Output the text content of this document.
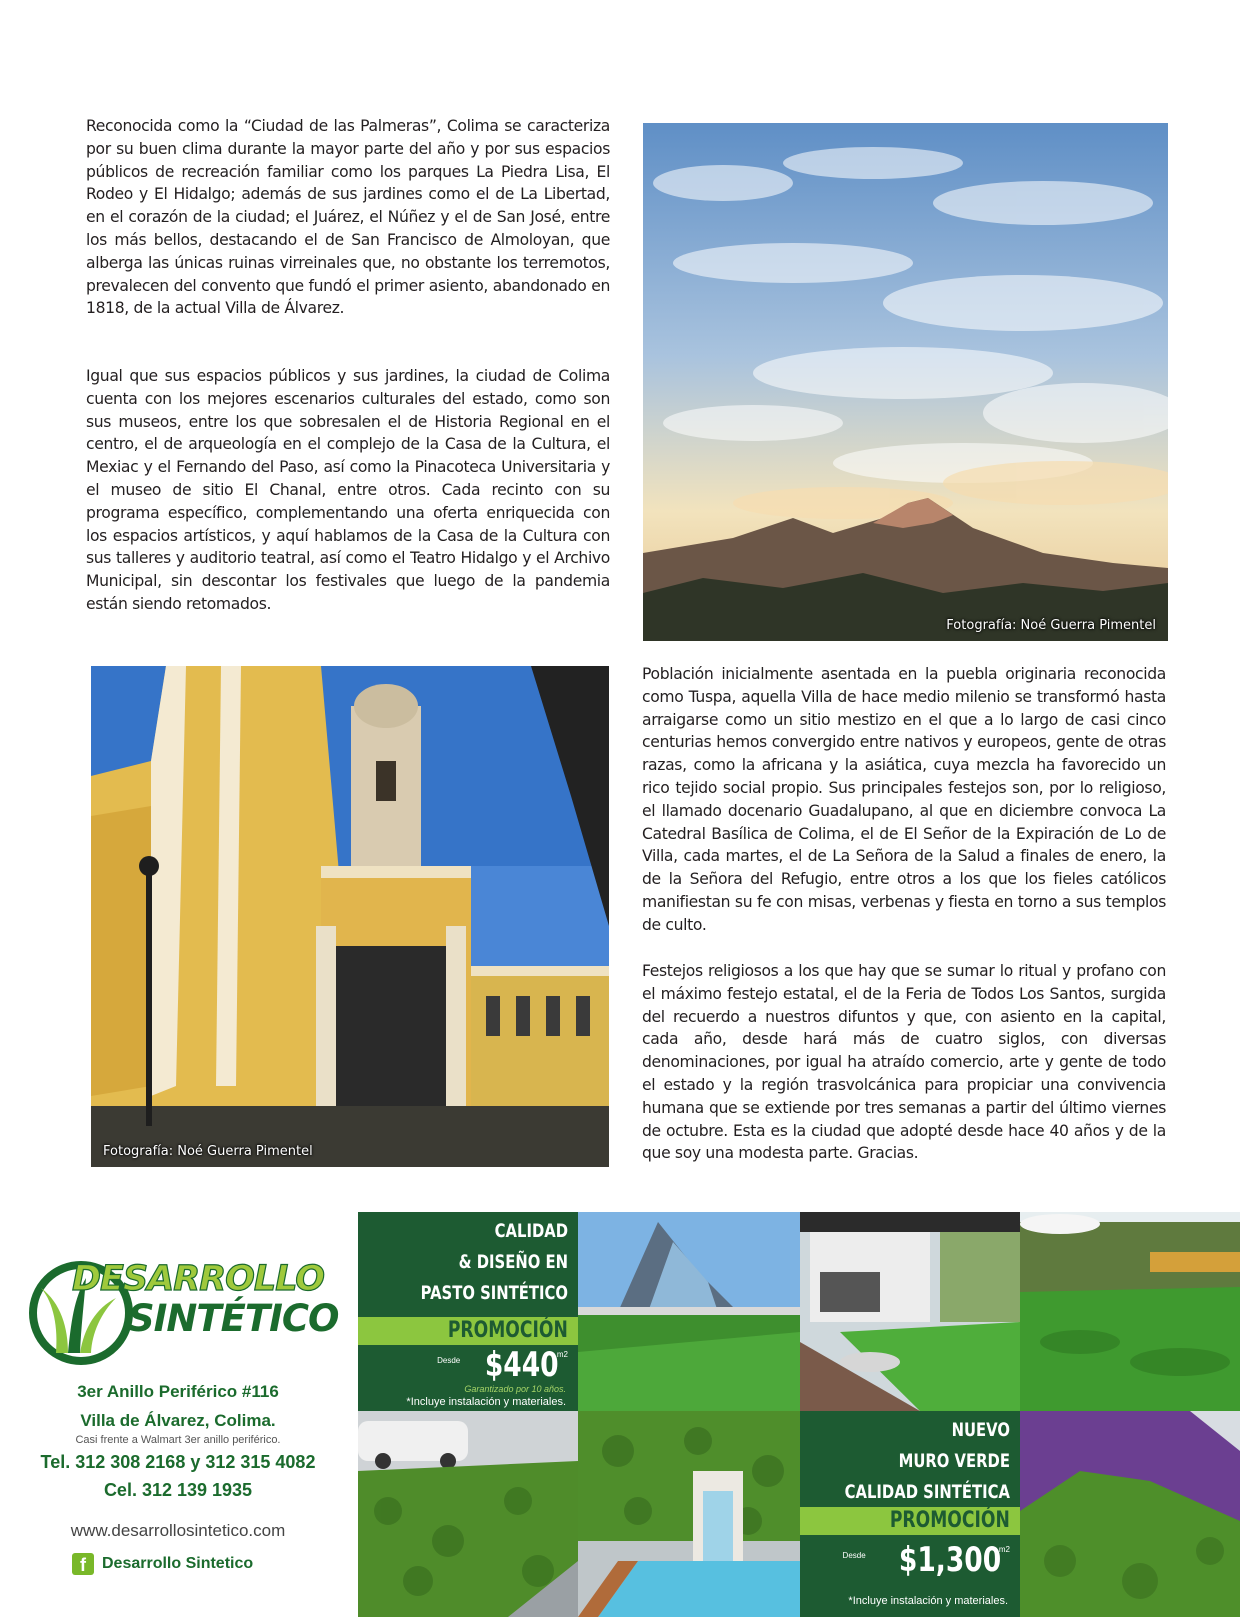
Reconocida como la “Ciudad de las Palmeras”, Colima se caracteriza por su buen clima durante la mayor parte del año y por sus espacios públicos de recreación familiar como los parques La Piedra Lisa, El Rodeo y El Hidalgo; además de sus jardines como el de La Libertad, en el corazón de la ciudad; el Juárez, el Núñez y el de San José, entre los más bellos, destacando el de San Francisco de Almoloyan, que alberga las únicas ruinas virreinales que, no obstante los terremotos, prevalecen del convento que fundó el primer asiento, abandonado en 1818, de la actual Villa de Álvarez.

Igual que sus espacios públicos y sus jardines, la ciudad de Colima cuenta con los mejores escenarios culturales del estado, como son sus museos, entre los que sobresalen el de Historia Regional en el centro, el de arqueología en el complejo de la Casa de la Cultura, el Mexiac y el Fernando del Paso, así como la Pinacoteca Universitaria y el museo de sitio El Chanal, entre otros. Cada recinto con su programa específico, complementando una oferta enriquecida con los espacios artísticos, y aquí hablamos de la Casa de la Cultura con sus talleres y auditorio teatral, así como el Teatro Hidalgo y el Archivo Municipal, sin descontar los festivales que luego de la pandemia están siendo retomados.

Población inicialmente asentada en la puebla originaria reconocida como Tuspa, aquella Villa de hace medio milenio se transformó hasta arraigarse como un sitio mestizo en el que a lo largo de casi cinco centurias hemos convergido entre nativos y europeos, gente de otras razas, como la africana y la asiática, cuya mezcla ha favorecido un rico tejido social propio. Sus principales festejos son, por lo religioso, el llamado docenario Guadalupano, al que en diciembre convoca La Catedral Basílica de Colima, el de El Señor de la Expiración de Lo de Villa, cada martes, el de La Señora de la Salud a finales de enero, la de la Señora del Refugio, entre otros a los que los fieles católicos manifiestan su fe con misas, verbenas y fiesta en torno a sus templos de culto.

Festejos religiosos a los que hay que se sumar lo ritual y profano con el máximo festejo estatal, el de la Feria de Todos Los Santos, surgida del recuerdo a nuestros difuntos y que, con asiento en la capital, cada año, desde hará más de cuatro siglos, con diversas denominaciones, por igual ha atraído comercio, arte y gente de todo el estado y la región trasvolcánica para propiciar una convivencia humana que se extiende por tres semanas a partir del último viernes de octubre. Esta es la ciudad que adopté desde hace 40 años y de la que soy una modesta parte. Gracias.

Fotografía: Noé Guerra Pimentel
Fotografía: Noé Guerra Pimentel
DESARROLLO
SINTÉTICO
3er Anillo Periférico #116
Villa de Álvarez, Colima.
Casi frente a Walmart 3er anillo periférico.
Tel. 312 308 2168 y 312 315 4082
Cel. 312 139 1935
www.desarrollosintetico.com
f	Desarrollo Sintetico
CALIDAD
& DISEÑO EN
PASTO SINTÉTICO
PROMOCIÓN
Desde $440
m2
Garantizado por 10 años.
*Incluye instalación y materiales.
NUEVO
MURO VERDE
CALIDAD SINTÉTICA
PROMOCIÓN
Desde $1,300
m2
*Incluye instalación y materiales.
